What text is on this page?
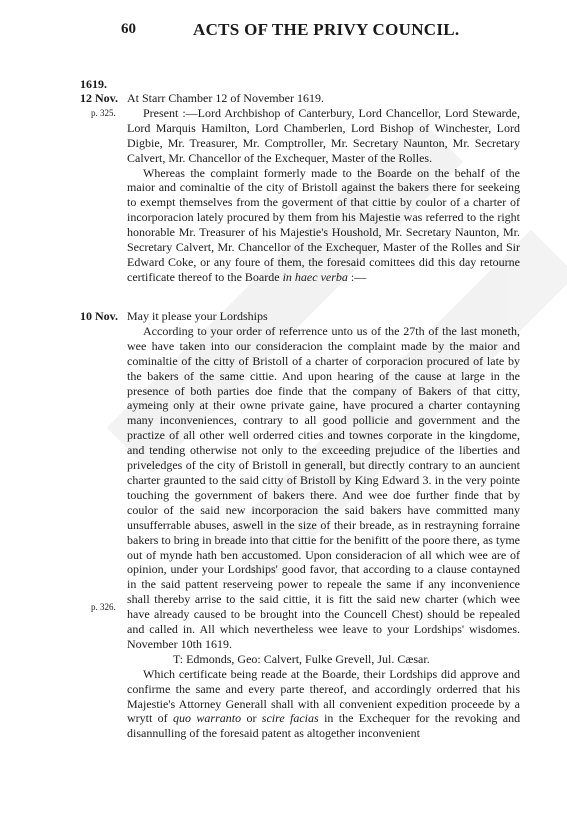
60	ACTS OF THE PRIVY COUNCIL.
1619.
12 Nov.
p. 325.
10 Nov.
p. 326.

At Starr Chamber 12 of November 1619.

Present :—Lord Archbishop of Canterbury, Lord Chancellor, Lord Stewarde, Lord Marquis Hamilton, Lord Chamberlen, Lord Bishop of Winchester, Lord Digbie, Mr. Treasurer, Mr. Comptroller, Mr. Secretary Naunton, Mr. Secretary Calvert, Mr. Chancellor of the Exchequer, Master of the Rolles.

Whereas the complaint formerly made to the Boarde on the behalf of the maior and cominaltie of the city of Bristoll against the bakers there for seekeing to exempt themselves from the goverment of that cittie by coulor of a charter of incorporacion lately procured by them from his Majestie was referred to the right honorable Mr. Treasurer of his Majestie's Houshold, Mr. Secretary Naunton, Mr. Secretary Calvert, Mr. Chancellor of the Exchequer, Master of the Rolles and Sir Edward Coke, or any foure of them, the foresaid comittees did this day retourne certificate thereof to the Boarde in haec verba :—

May it please your Lordships

According to your order of referrence unto us of the 27th of the last moneth, wee have taken into our consideracion the complaint made by the maior and cominaltie of the citty of Bristoll of a charter of corporacion procured of late by the bakers of the same cittie. And upon hearing of the cause at large in the presence of both parties doe finde that the company of Bakers of that citty, aymeing only at their owne private gaine, have procured a charter contayning many inconveniences, contrary to all good pollicie and government and the practize of all other well orderred cities and townes corporate in the kingdome, and tending otherwise not only to the exceeding prejudice of the liberties and priveledges of the city of Bristoll in generall, but directly contrary to an auncient charter graunted to the said citty of Bristoll by King Edward 3. in the very pointe touching the government of bakers there. And wee doe further finde that by coulor of the said new incorporacion the said bakers have committed many unsufferrable abuses, aswell in the size of their breade, as in restrayning forraine bakers to bring in breade into that cittie for the benifitt of the poore there, as tyme out of mynde hath ben accustomed. Upon consideracion of all which wee are of opinion, under your Lordships' good favor, that according to a clause contayned in the said pattent reserveing power to repeale the same if any inconvenience shall thereby arrise to the said cittie, it is fitt the said new charter (which wee have already caused to be brought into the Councell Chest) should be repealed and called in. All which nevertheless wee leave to your Lordships' wisdomes. November 10th 1619.

T: Edmonds, Geo: Calvert, Fulke Grevell, Jul. Cæsar.

Which certificate being reade at the Boarde, their Lordships did approve and confirme the same and every parte thereof, and accordingly orderred that his Majestie's Attorney Generall shall with all convenient expedition proceede by a wrytt of quo warranto or scire facias in the Exchequer for the revoking and disannulling of the foresaid patent as altogether inconvenient
